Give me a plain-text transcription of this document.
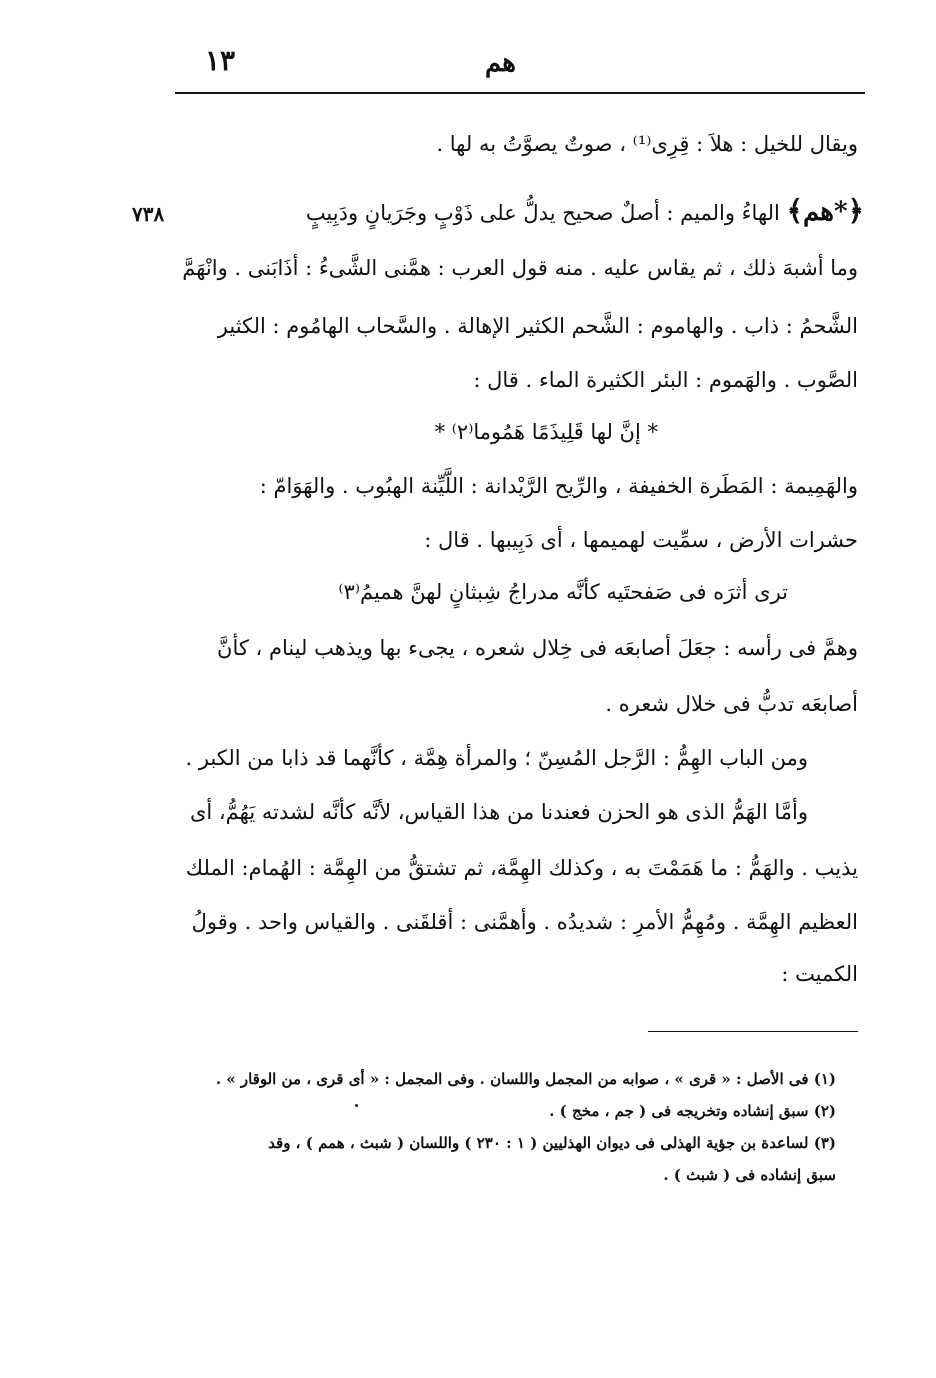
١٣	هم
ويقال للخيل : هلاَ : قِرِى⁽¹⁾ ، صوتٌ يصوَّتُ به لها .
﴿*هم﴾ الهاءُ والميم : أصلٌ صحيح يدلُّ على ذَوْبٍ وجَرَيانٍ ودَبِيبٍ
٧٣٨
وما أشبهَ ذلك ، ثم يقاس عليه . منه قول العرب : همَّنى الشَّىءُ : أذَابَنى . وانْهَمَّ
الشَّحمُ : ذاب . والهاموم : الشَّحم الكثير الإهالة . والسَّحاب الهامُوم : الكثير
الصَّوب . والهَموم : البئر الكثيرة الماء . قال :
* إنَّ لها قَلِيذَمًا هَمُوما⁽٢⁾ *
والهَمِيمة : المَطَرة الخفيفة ، والرِّيح الرَّيْدانة : اللَّيِّنة الهبُوب . والهَوَامّ :
حشرات الأرض ، سمِّيت لهميمها ، أى دَبِيبها . قال :
ترى أثرَه فى صَفحتَيه كأنَّه مدراجُ شِبثانٍ لهنَّ هميمُ⁽٣⁾
وهمَّ فى رأسه : جعَلَ أصابعَه فى خِلال شعره ، يجىء بها ويذهب لينام ، كأنَّ
أصابعَه تدبُّ فى خلال شعره .
ومن الباب الهِمُّ : الرَّجل المُسِنّ ؛ والمرأة هِمَّة ، كأنَّهما قد ذابا من الكبر .
وأمَّا الهَمُّ الذى هو الحزن فعندنا من هذا القياس، لأنَّه كأنَّه لشدته يَهُمُّ، أى
يذيب . والهَمُّ : ما هَمَمْتَ به ، وكذلك الهِمَّة، ثم تشتقُّ من الهِمَّة : الهُمام: الملك
العظيم الهِمَّة . ومُهِمُّ الأمرِ : شديدُه . وأهمَّنى : أقلقَنى . والقياس واحد . وقولُ
الكميت :
(١) فى الأصل : « قرى » ، صوابه من المجمل واللسان . وفى المجمل : « أى قرى ، من الوقار » .
(٢) سبق إنشاده وتخريجه فى ( جم ، مخج ) .
(٣) لساعدة بن جؤية الهذلى فى ديوان الهذليين ( ١ : ٢٣٠ ) واللسان ( شبث ، همم ) ، وقد
سبق إنشاده فى ( شبث ) .
